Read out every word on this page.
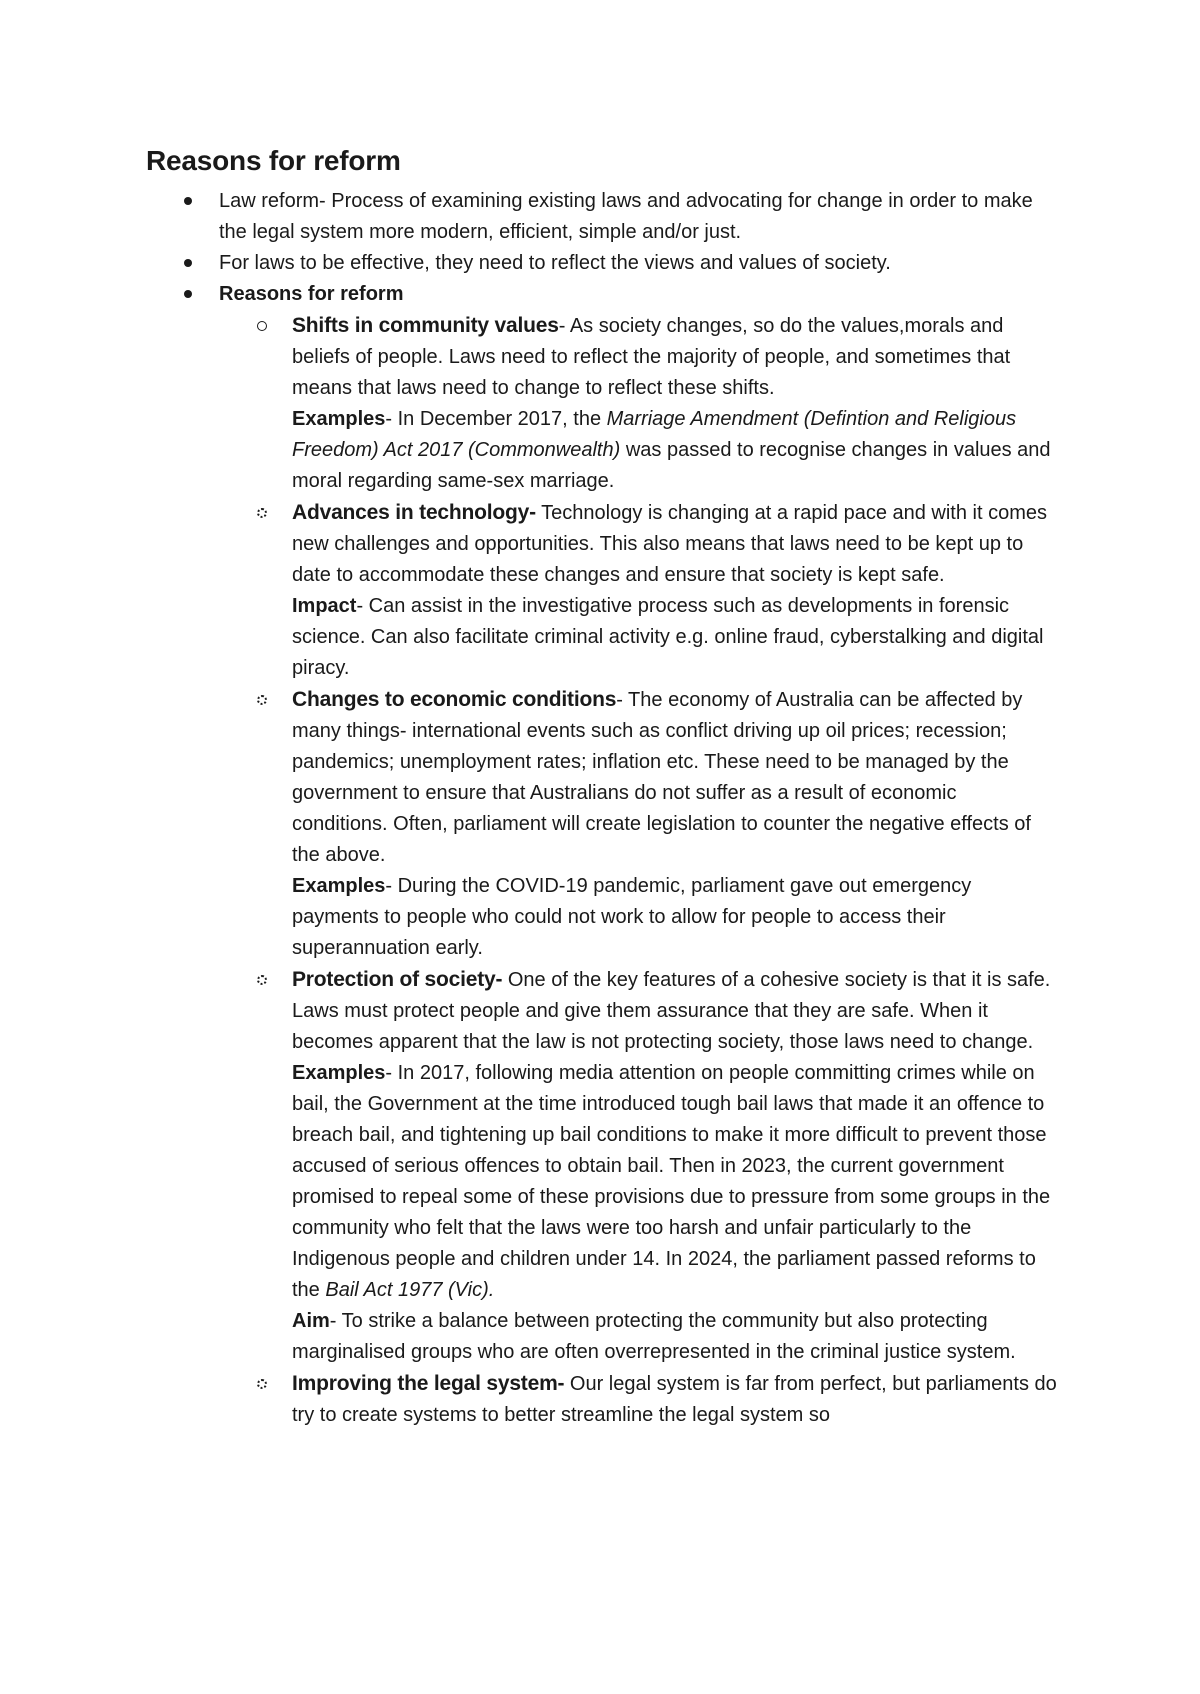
Reasons for reform
Law reform- Process of examining existing laws and advocating for change in order to make the legal system more modern, efficient, simple and/or just.
For laws to be effective, they need to reflect the views and values of society.
Reasons for reform
Shifts in community values- As society changes, so do the values,morals and beliefs of people. Laws need to reflect the majority of people, and sometimes that means that laws need to change to reflect these shifts.
Examples- In December 2017, the Marriage Amendment (Defintion and Religious Freedom) Act 2017 (Commonwealth) was passed to recognise changes in values and moral regarding same-sex marriage.
Advances in technology- Technology is changing at a rapid pace and with it comes new challenges and opportunities. This also means that laws need to be kept up to date to accommodate these changes and ensure that society is kept safe.
Impact- Can assist in the investigative process such as developments in forensic science. Can also facilitate criminal activity e.g. online fraud, cyberstalking and digital piracy.
Changes to economic conditions- The economy of Australia can be affected by many things- international events such as conflict driving up oil prices; recession; pandemics; unemployment rates; inflation etc. These need to be managed by the government to ensure that Australians do not suffer as a result of economic conditions. Often, parliament will create legislation to counter the negative effects of the above.
Examples- During the COVID-19 pandemic, parliament gave out emergency payments to people who could not work to allow for people to access their superannuation early.
Protection of society- One of the key features of a cohesive society is that it is safe. Laws must protect people and give them assurance that they are safe. When it becomes apparent that the law is not protecting society, those laws need to change.
Examples- In 2017, following media attention on people committing crimes while on bail, the Government at the time introduced tough bail laws that made it an offence to breach bail, and tightening up bail conditions to make it more difficult to prevent those accused of serious offences to obtain bail. Then in 2023, the current government promised to repeal some of these provisions due to pressure from some groups in the community who felt that the laws were too harsh and unfair particularly to the Indigenous people and children under 14. In 2024, the parliament passed reforms to the Bail Act 1977 (Vic).
Aim- To strike a balance between protecting the community but also protecting marginalised groups who are often overrepresented in the criminal justice system.
Improving the legal system- Our legal system is far from perfect, but parliaments do try to create systems to better streamline the legal system so
